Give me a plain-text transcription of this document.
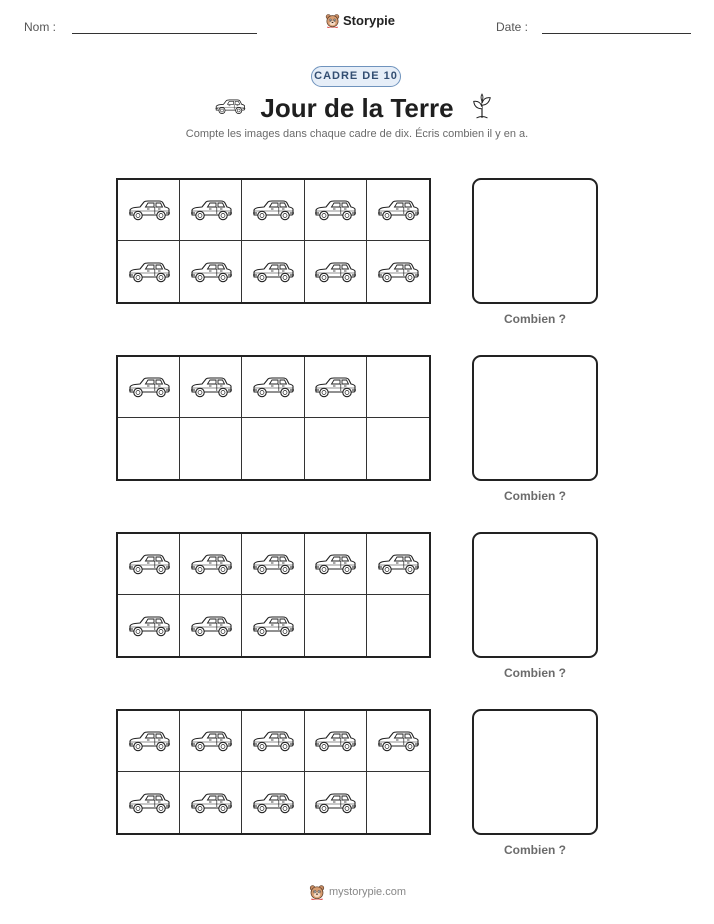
Nom :	Storypie	Date :
CADRE DE 10
Jour de la Terre
Compte les images dans chaque cadre de dix. Écris combien il y en a.
Combien ?
Combien ?
Combien ?
Combien ?
mystorypie.com
